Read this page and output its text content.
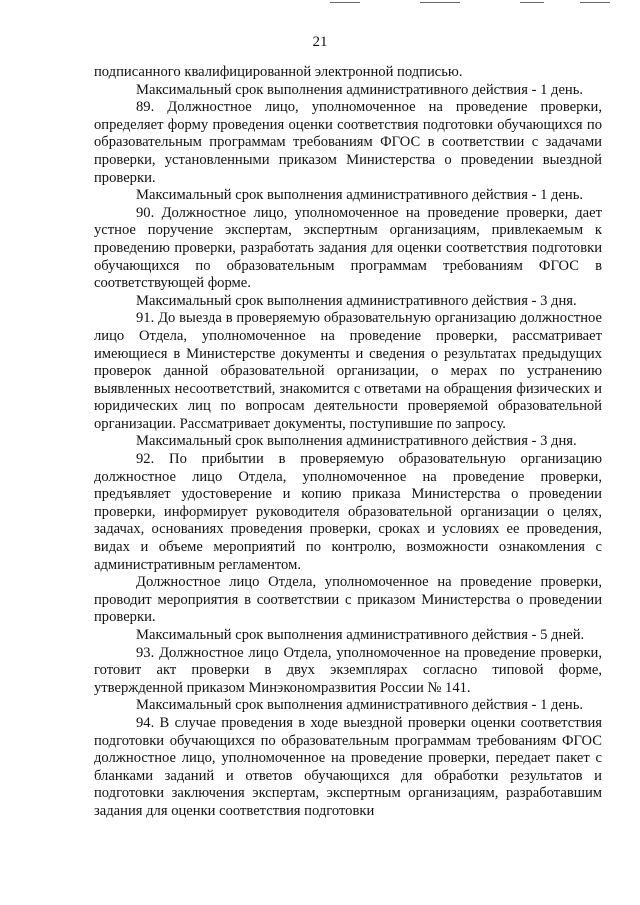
21

подписанного квалифицированной электронной подписью.

Максимальный срок выполнения административного действия - 1 день.

89. Должностное лицо, уполномоченное на проведение проверки, определяет форму проведения оценки соответствия подготовки обучающихся по образовательным программам требованиям ФГОС в соответствии с задачами проверки, установленными приказом Министерства о проведении выездной проверки.

Максимальный срок выполнения административного действия - 1 день.

90. Должностное лицо, уполномоченное на проведение проверки, дает устное поручение экспертам, экспертным организациям, привлекаемым к проведению проверки, разработать задания для оценки соответствия подготовки обучающихся по образовательным программам требованиям ФГОС в соответствующей форме.

Максимальный срок выполнения административного действия - 3 дня.

91. До выезда в проверяемую образовательную организацию должностное лицо Отдела, уполномоченное на проведение проверки, рассматривает имеющиеся в Министерстве документы и сведения о результатах предыдущих проверок данной образовательной организации, о мерах по устранению выявленных несоответствий, знакомится с ответами на обращения физических и юридических лиц по вопросам деятельности проверяемой образовательной организации. Рассматривает документы, поступившие по запросу.

Максимальный срок выполнения административного действия - 3 дня.

92. По прибытии в проверяемую образовательную организацию должностное лицо Отдела, уполномоченное на проведение проверки, предъявляет удостоверение и копию приказа Министерства о проведении проверки, информирует руководителя образовательной организации о целях, задачах, основаниях проведения проверки, сроках и условиях ее проведения, видах и объеме мероприятий по контролю, возможности ознакомления с административным регламентом.

Должностное лицо Отдела, уполномоченное на проведение проверки, проводит мероприятия в соответствии с приказом Министерства о проведении проверки.

Максимальный срок выполнения административного действия - 5 дней.

93. Должностное лицо Отдела, уполномоченное на проведение проверки, готовит акт проверки в двух экземплярах согласно типовой форме, утвержденной приказом Минэкономразвития России № 141.

Максимальный срок выполнения административного действия - 1 день.

94. В случае проведения в ходе выездной проверки оценки соответствия подготовки обучающихся по образовательным программам требованиям ФГОС должностное лицо, уполномоченное на проведение проверки, передает пакет с бланками заданий и ответов обучающихся для обработки результатов и подготовки заключения экспертам, экспертным организациям, разработавшим задания для оценки соответствия подготовки
